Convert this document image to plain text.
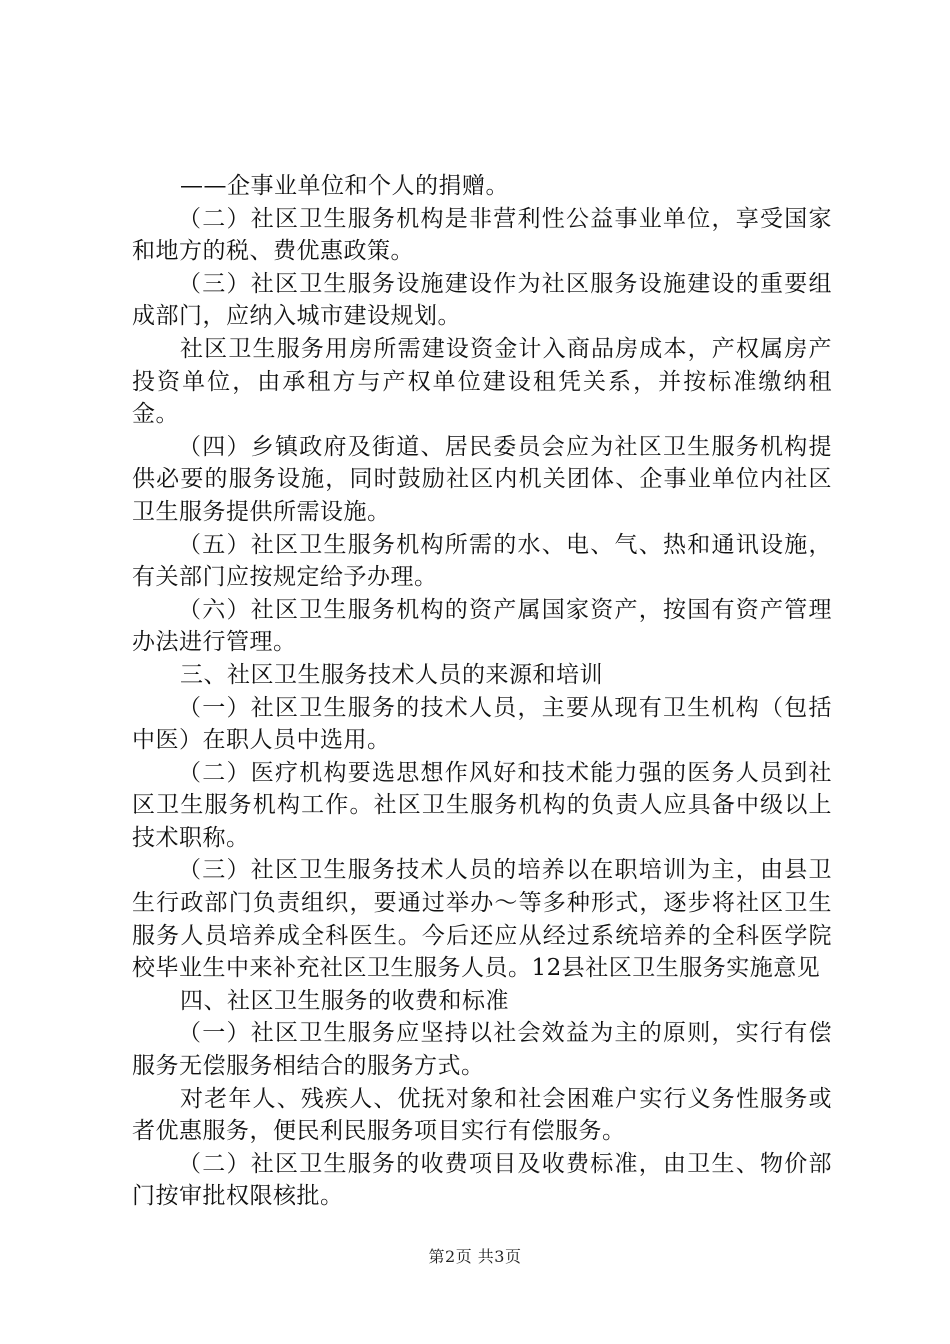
——企事业单位和个人的捐赠。

（二）社区卫生服务机构是非营利性公益事业单位，享受国家和地方的税、费优惠政策。

（三）社区卫生服务设施建设作为社区服务设施建设的重要组成部门，应纳入城市建设规划。

社区卫生服务用房所需建设资金计入商品房成本，产权属房产投资单位，由承租方与产权单位建设租凭关系，并按标准缴纳租金。

（四）乡镇政府及街道、居民委员会应为社区卫生服务机构提供必要的服务设施，同时鼓励社区内机关团体、企事业单位内社区卫生服务提供所需设施。

（五）社区卫生服务机构所需的水、电、气、热和通讯设施，有关部门应按规定给予办理。

（六）社区卫生服务机构的资产属国家资产，按国有资产管理办法进行管理。

三、社区卫生服务技术人员的来源和培训

（一）社区卫生服务的技术人员，主要从现有卫生机构（包括中医）在职人员中选用。

（二）医疗机构要选思想作风好和技术能力强的医务人员到社区卫生服务机构工作。社区卫生服务机构的负责人应具备中级以上技术职称。

（三）社区卫生服务技术人员的培养以在职培训为主，由县卫生行政部门负责组织，要通过举办～等多种形式，逐步将社区卫生服务人员培养成全科医生。今后还应从经过系统培养的全科医学院校毕业生中来补充社区卫生服务人员。12县社区卫生服务实施意见

四、社区卫生服务的收费和标准

（一）社区卫生服务应坚持以社会效益为主的原则，实行有偿服务无偿服务相结合的服务方式。

对老年人、残疾人、优抚对象和社会困难户实行义务性服务或者优惠服务，便民利民服务项目实行有偿服务。

（二）社区卫生服务的收费项目及收费标准，由卫生、物价部门按审批权限核批。

第2页 共3页
